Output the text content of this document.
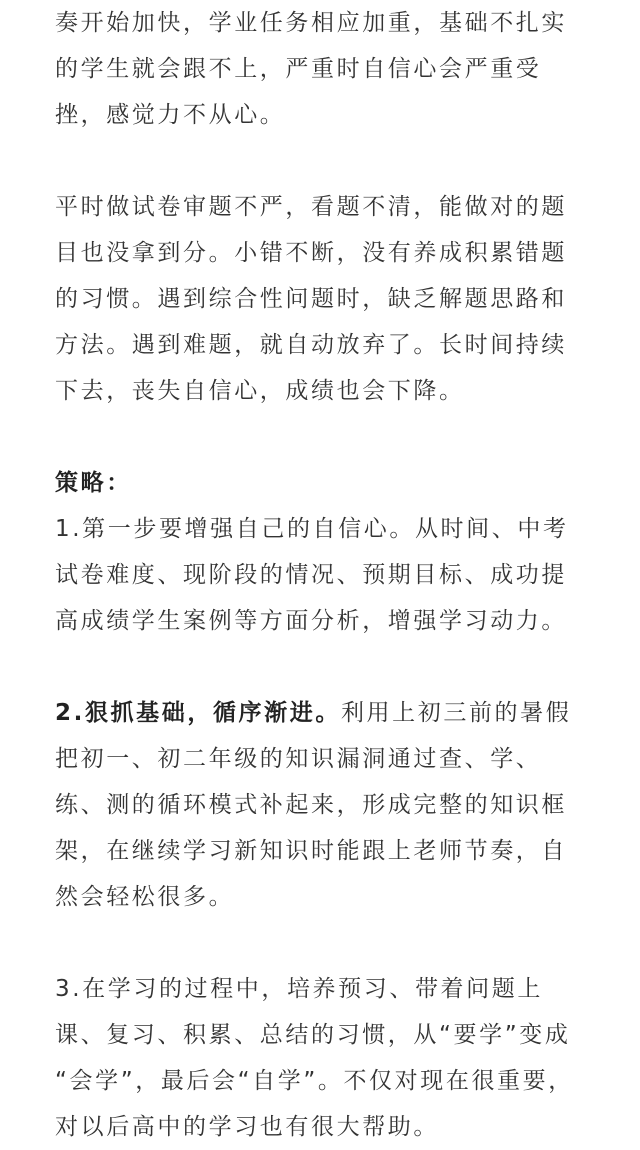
奏开始加快，学业任务相应加重，基础不扎实
的学生就会跟不上，严重时自信心会严重受
挫，感觉力不从心。
平时做试卷审题不严，看题不清，能做对的题
目也没拿到分。小错不断，没有养成积累错题
的习惯。遇到综合性问题时，缺乏解题思路和
方法。遇到难题，就自动放弃了。长时间持续
下去，丧失自信心，成绩也会下降。
策略：
1.第一步要增强自己的自信心。从时间、中考
试卷难度、现阶段的情况、预期目标、成功提
高成绩学生案例等方面分析，增强学习动力。
2.狠抓基础，循序渐进。利用上初三前的暑假
把初一、初二年级的知识漏洞通过查、学、
练、测的循环模式补起来，形成完整的知识框
架，在继续学习新知识时能跟上老师节奏，自
然会轻松很多。
3.在学习的过程中，培养预习、带着问题上
课、复习、积累、总结的习惯，从“要学”变成
“会学”，最后会“自学”。不仅对现在很重要，
对以后高中的学习也有很大帮助。
